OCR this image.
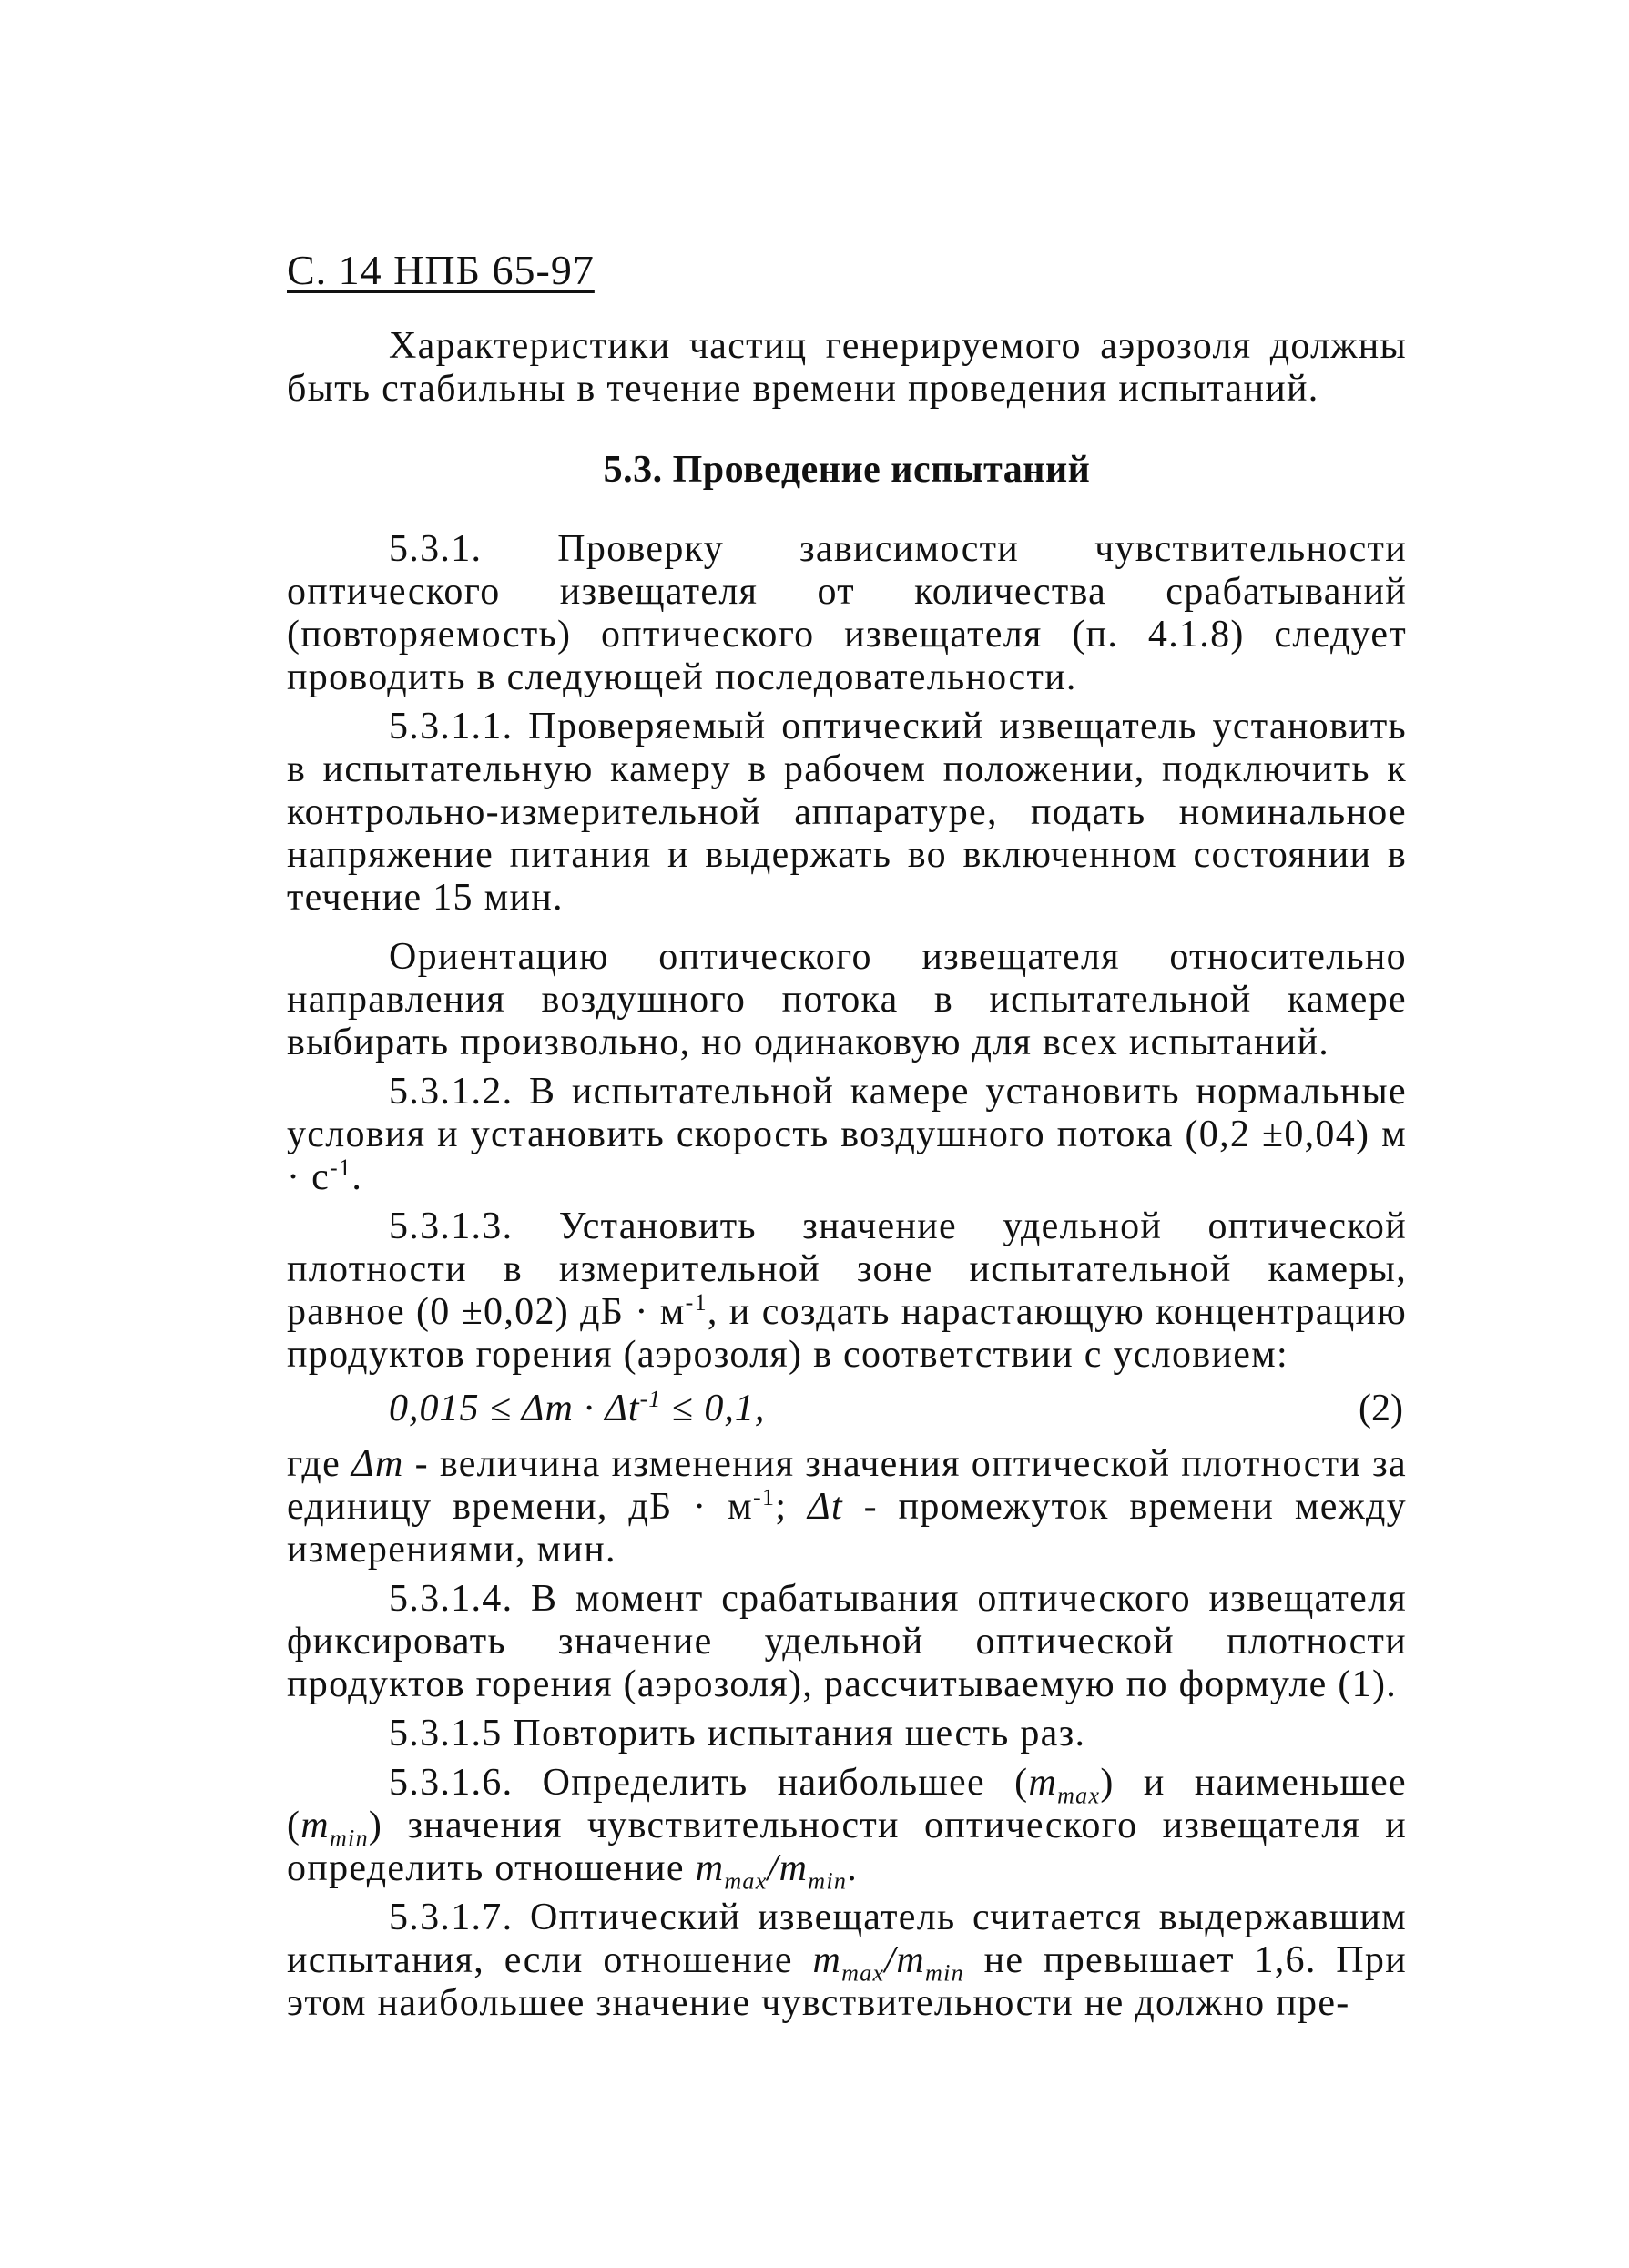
С. 14 НПБ 65-97

Характеристики частиц генерируемого аэрозоля должны быть стабильны в течение времени проведения испытаний.

5.3. Проведение испытаний

5.3.1. Проверку зависимости чувствительности оптического извещателя от количества срабатываний (повторяемость) оптического извещателя (п. 4.1.8) следует проводить в следующей последовательности.

5.3.1.1. Проверяемый оптический извещатель установить в испытательную камеру в рабочем положении, подключить к контрольно-измерительной аппаратуре, подать номинальное напряжение питания и выдержать во включенном состоянии в течение 15 мин.

Ориентацию оптического извещателя относительно направления воздушного потока в испытательной камере выбирать произвольно, но одинаковую для всех испытаний.

5.3.1.2. В испытательной камере установить нормальные условия и установить скорость воздушного потока (0,2 ±0,04) $м \cdot с^{-1}$.

5.3.1.3. Установить значение удельной оптической плотности в измерительной зоне испытательной камеры, равное (0 ±0,02) дБ · $м^{-1}$, и создать нарастающую концентрацию продуктов горения (аэрозоля) в соответствии с условием:

$0,015 \le \Delta m \cdot \Delta t^{-1} \le 0,1$,	(2)

где Δm - величина изменения значения оптической плотности за единицу времени, дБ · $м^{-1}$; Δt - промежуток времени между измерениями, мин.

5.3.1.4. В момент срабатывания оптического извещателя фиксировать значение удельной оптической плотности продуктов горения (аэрозоля), рассчитываемую по формуле (1).

5.3.1.5 Повторить испытания шесть раз.

5.3.1.6. Определить наибольшее $(m_{max})$ и наименьшее $(m_{min})$ значения чувствительности оптического извещателя и определить отношение $m_{max}/m_{min}$.

5.3.1.7. Оптический извещатель считается выдержавшим испытания, если отношение $m_{max}/m_{min}$ не превышает 1,6. При этом наибольшее значение чувствительности не должно пре-
